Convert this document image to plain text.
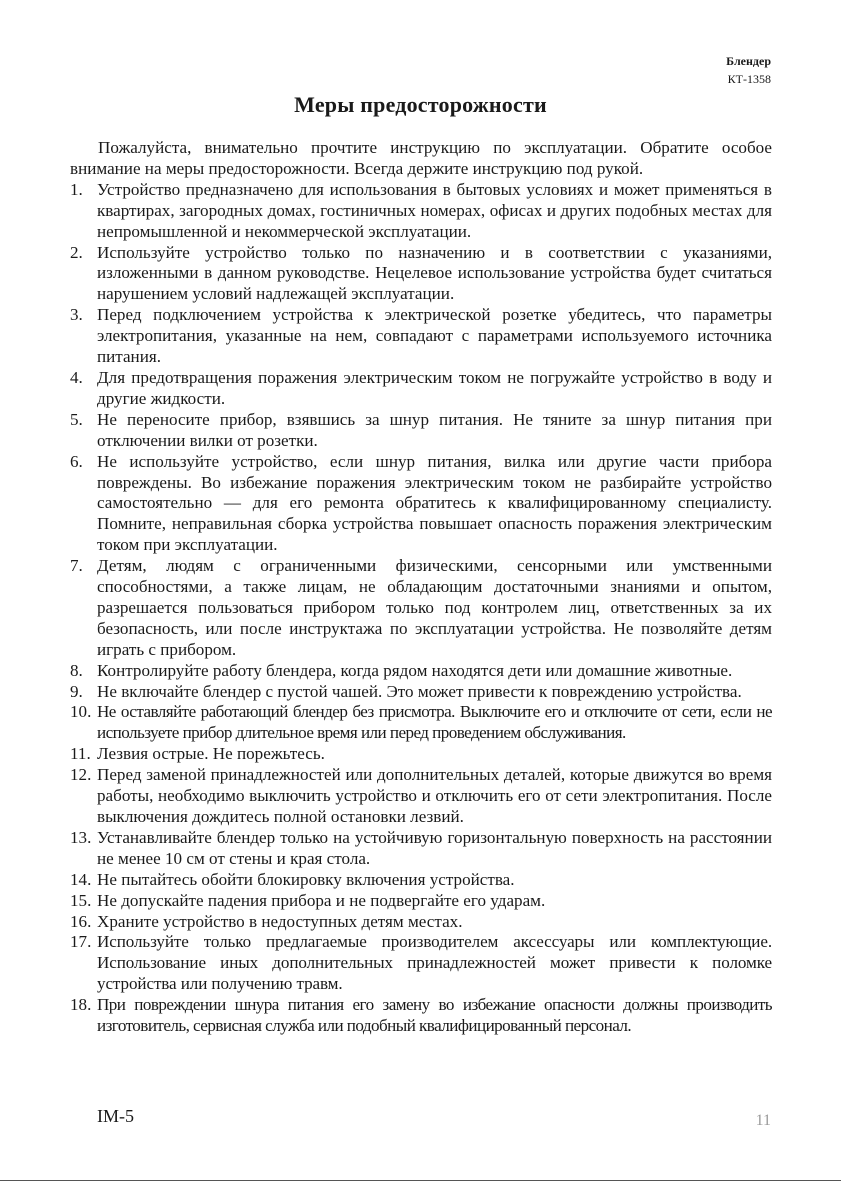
Блендер
КТ-1358
Меры предосторожности

Пожалуйста, внимательно прочтите инструкцию по эксплуатации. Обратите особое внимание на меры предосторожности. Всегда держите инструкцию под рукой.

1. Устройство предназначено для использования в бытовых условиях и может применяться в квартирах, загородных домах, гостиничных номерах, офисах и других подобных местах для непромышленной и некоммерческой эксплуатации.
2. Используйте устройство только по назначению и в соответствии с указаниями, изложенными в данном руководстве. Нецелевое использование устройства будет считаться нарушением условий надлежащей эксплуатации.
3. Перед подключением устройства к электрической розетке убедитесь, что параметры электропитания, указанные на нем, совпадают с параметрами используемого источника питания.
4. Для предотвращения поражения электрическим током не погружайте устройство в воду и другие жидкости.
5. Не переносите прибор, взявшись за шнур питания. Не тяните за шнур питания при отключении вилки от розетки.
6. Не используйте устройство, если шнур питания, вилка или другие части прибора повреждены. Во избежание поражения электрическим током не разбирайте устройство самостоятельно — для его ремонта обратитесь к квалифицированному специалисту. Помните, неправильная сборка устройства повышает опасность поражения электрическим током при эксплуатации.
7. Детям, людям с ограниченными физическими, сенсорными или умственными способностями, а также лицам, не обладающим достаточными знаниями и опытом, разрешается пользоваться прибором только под контролем лиц, ответственных за их безопасность, или после инструктажа по эксплуатации устройства. Не позволяйте детям играть с прибором.
8. Контролируйте работу блендера, когда рядом находятся дети или домашние животные.
9. Не включайте блендер с пустой чашей. Это может привести к повреждению устройства.
10. Не оставляйте работающий блендер без присмотра. Выключите его и отключите от сети, если не используете прибор длительное время или перед проведением обслуживания.
11. Лезвия острые. Не порежьтесь.
12. Перед заменой принадлежностей или дополнительных деталей, которые движутся во время работы, необходимо выключить устройство и отключить его от сети электропитания. После выключения дождитесь полной остановки лезвий.
13. Устанавливайте блендер только на устойчивую горизонтальную поверхность на расстоянии не менее 10 см от стены и края стола.
14. Не пытайтесь обойти блокировку включения устройства.
15. Не допускайте падения прибора и не подвергайте его ударам.
16. Храните устройство в недоступных детям местах.
17. Используйте только предлагаемые производителем аксессуары или комплектующие. Использование иных дополнительных принадлежностей может привести к поломке устройства или получению травм.
18. При повреждении шнура питания его замену во избежание опасности должны производить изготовитель, сервисная служба или подобный квалифицированный персонал.
IM-5	11
